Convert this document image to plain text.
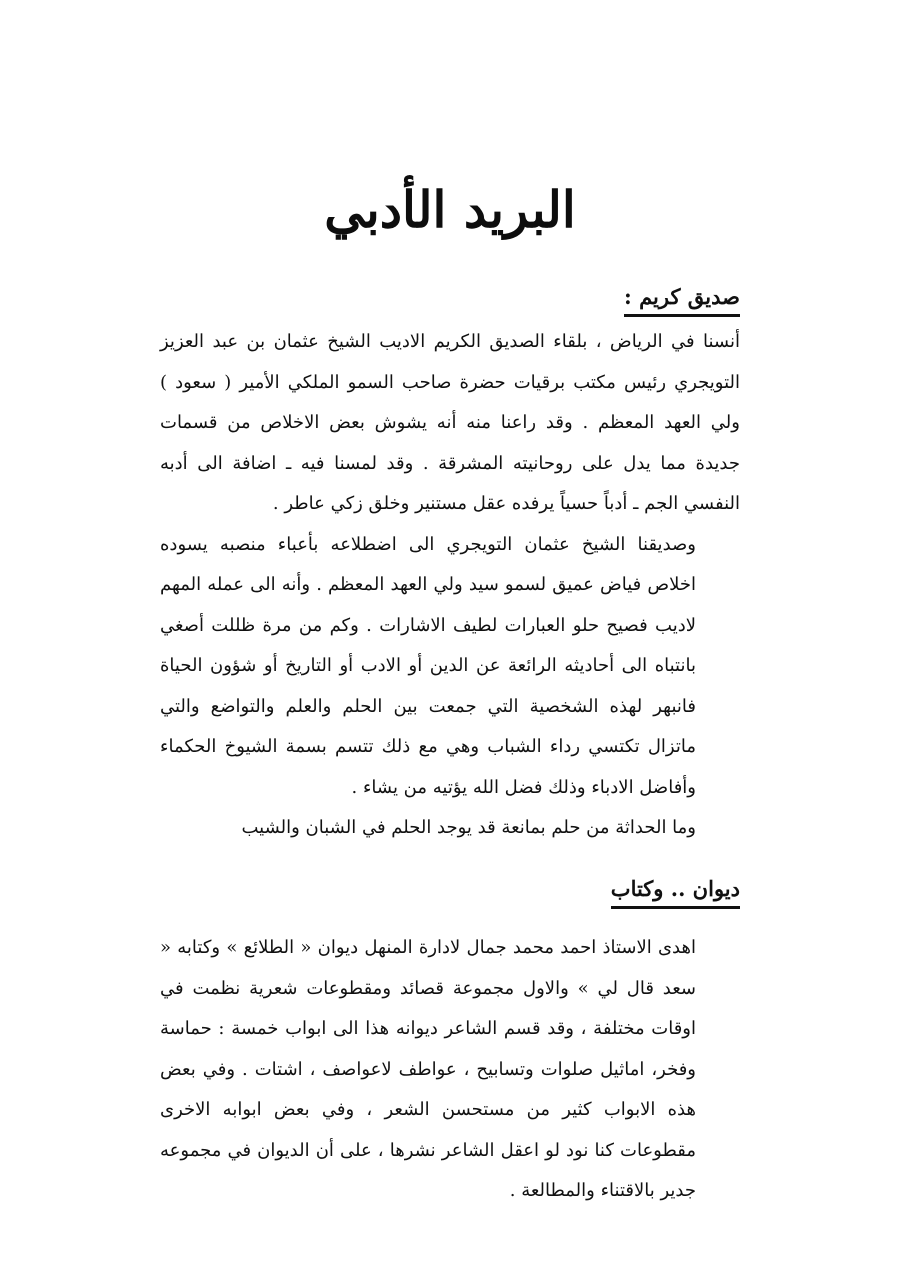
البريد الأدبي
صديق كريم :

أنسنا في الرياض ، بلقاء الصديق الكريم الاديب الشيخ عثمان بن عبد العزيز التويجري رئيس مكتب برقيات حضرة صاحب السمو الملكي الأمير ( سعود ) ولي العهد المعظم . وقد راعنا منه أنه يشوش بعض الاخلاص من قسمات جديدة مما يدل على روحانيته المشرقة . وقد لمسنا فيه ـ اضافة الى أدبه النفسي الجم ـ أدباً حسياً يرفده عقل مستنير وخلق زكي عاطر .

وصديقنا الشيخ عثمان التويجري الى اضطلاعه بأعباء منصبه يسوده اخلاص فياض عميق لسمو سيد ولي العهد المعظم . وأنه الى عمله المهم لاديب فصيح حلو العبارات لطيف الاشارات . وكم من مرة ظللت أصغي بانتباه الى أحاديثه الرائعة عن الدين أو الادب أو التاريخ أو شؤون الحياة فانبهر لهذه الشخصية التي جمعت بين الحلم والعلم والتواضع والتي ماتزال تكتسي رداء الشباب وهي مع ذلك تتسم بسمة الشيوخ الحكماء وأفاضل الادباء وذلك فضل الله يؤتيه من يشاء .

وما الحداثة من حلم بمانعة قد يوجد الحلم في الشبان والشيب

ديوان .. وكتاب

اهدى الاستاذ احمد محمد جمال لادارة المنهل ديوان « الطلائع » وكتابه « سعد قال لي » والاول مجموعة قصائد ومقطوعات شعرية نظمت في اوقات مختلفة ، وقد قسم الشاعر ديوانه هذا الى ابواب خمسة : حماسة وفخر، اماثيل صلوات وتسابيح ، عواطف لاعواصف ، اشتات . وفي بعض هذه الابواب كثير من مستحسن الشعر ، وفي بعض ابوابه الاخرى مقطوعات كنا نود لو اعقل الشاعر نشرها ، على أن الديوان في مجموعه جدير بالاقتناء والمطالعة .
